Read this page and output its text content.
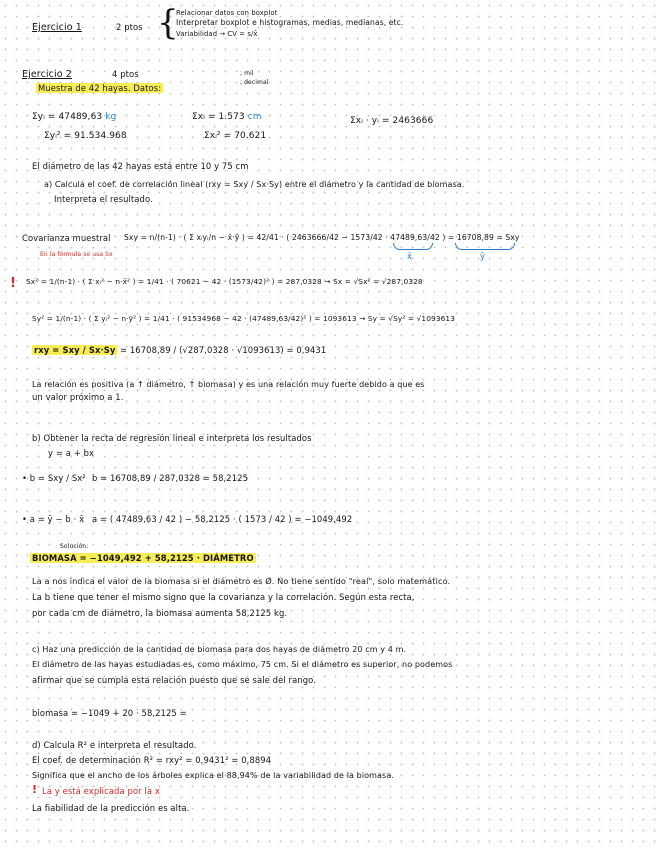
Ejercicio 1	2 ptos {
Relacionar datos con boxplot
Interpretar boxplot e histogramas, medias, medianas, etc.
Variabilidad → CV = s/x̄
Ejercicio 2	4 ptos
Muestra de 42 hayas. Datos:
; mil
; decimal
Σyᵢ = 47489,63 kg	Σxᵢ = 1.573 cm	Σxᵢ · yᵢ = 2463666
Σyᵢ² = 91.534.968	Σxᵢ² = 70.621
El diámetro de las 42 hayas está entre 10 y 75 cm
a) Calcula el coef. de correlación lineal (rxy = Sxy / Sx·Sy) entre el diámetro y la cantidad de biomasa.
Interpreta el resultado.
Covarianza muestral Sxy = n/(n-1) · ( Σ xᵢyᵢ/n − x̄·ȳ ) = 42/41 · ( 2463666/42 − 1573/42 · 47489,63/42 ) = 16708,89 = Sxy
x̄	ȳ
En la fórmula se usa Sx
! Sx² = 1/(n-1) · ( Σ xᵢ² − n·x̄² ) = 1/41 · ( 70621 − 42 · (1573/42)² ) = 287,0328 → Sx = √Sx² = √287,0328
Sy² = 1/(n-1) · ( Σ yᵢ² − n·ȳ² ) = 1/41 · ( 91534968 − 42 · (47489,63/42)² ) = 1093613 → Sy = √Sy² = √1093613
rxy = Sxy / Sx·Sy = 16708,89 / (√287,0328 · √1093613) = 0,9431
La relación es positiva (a ↑ diámetro, ↑ biomasa) y es una relación muy fuerte debido a que es
un valor próximo a 1.
b) Obtener la recta de regresión lineal e interpreta los resultados
y = a + bx
• b = Sxy / Sx² b = 16708,89 / 287,0328 = 58,2125
• a = ȳ − b · x̄ a = ( 47489,63 / 42 ) − 58,2125 · ( 1573 / 42 ) = −1049,492
Solución:
BIOMASA = −1049,492 + 58,2125 · DIÁMETRO
La a nos indica el valor de la biomasa si el diámetro es Ø. No tiene sentido "real", solo matemático.
La b tiene que tener el mismo signo que la covarianza y la correlación. Según esta recta,
por cada cm de diámetro, la biomasa aumenta 58,2125 kg.
c) Haz una predicción de la cantidad de biomasa para dos hayas de diámetro 20 cm y 4 m.
El diámetro de las hayas estudiadas es, como máximo, 75 cm. Si el diámetro es superior, no podemos
afirmar que se cumpla esta relación puesto que se sale del rango.
biomasa = −1049 + 20 · 58,2125 =
d) Calcula R² e interpreta el resultado.
El coef. de determinación R² = rxy² = 0,9431² = 0,8894
Significa que el ancho de los árboles explica el 88,94% de la variabilidad de la biomasa.
! La y está explicada por la x
La fiabilidad de la predicción es alta.
